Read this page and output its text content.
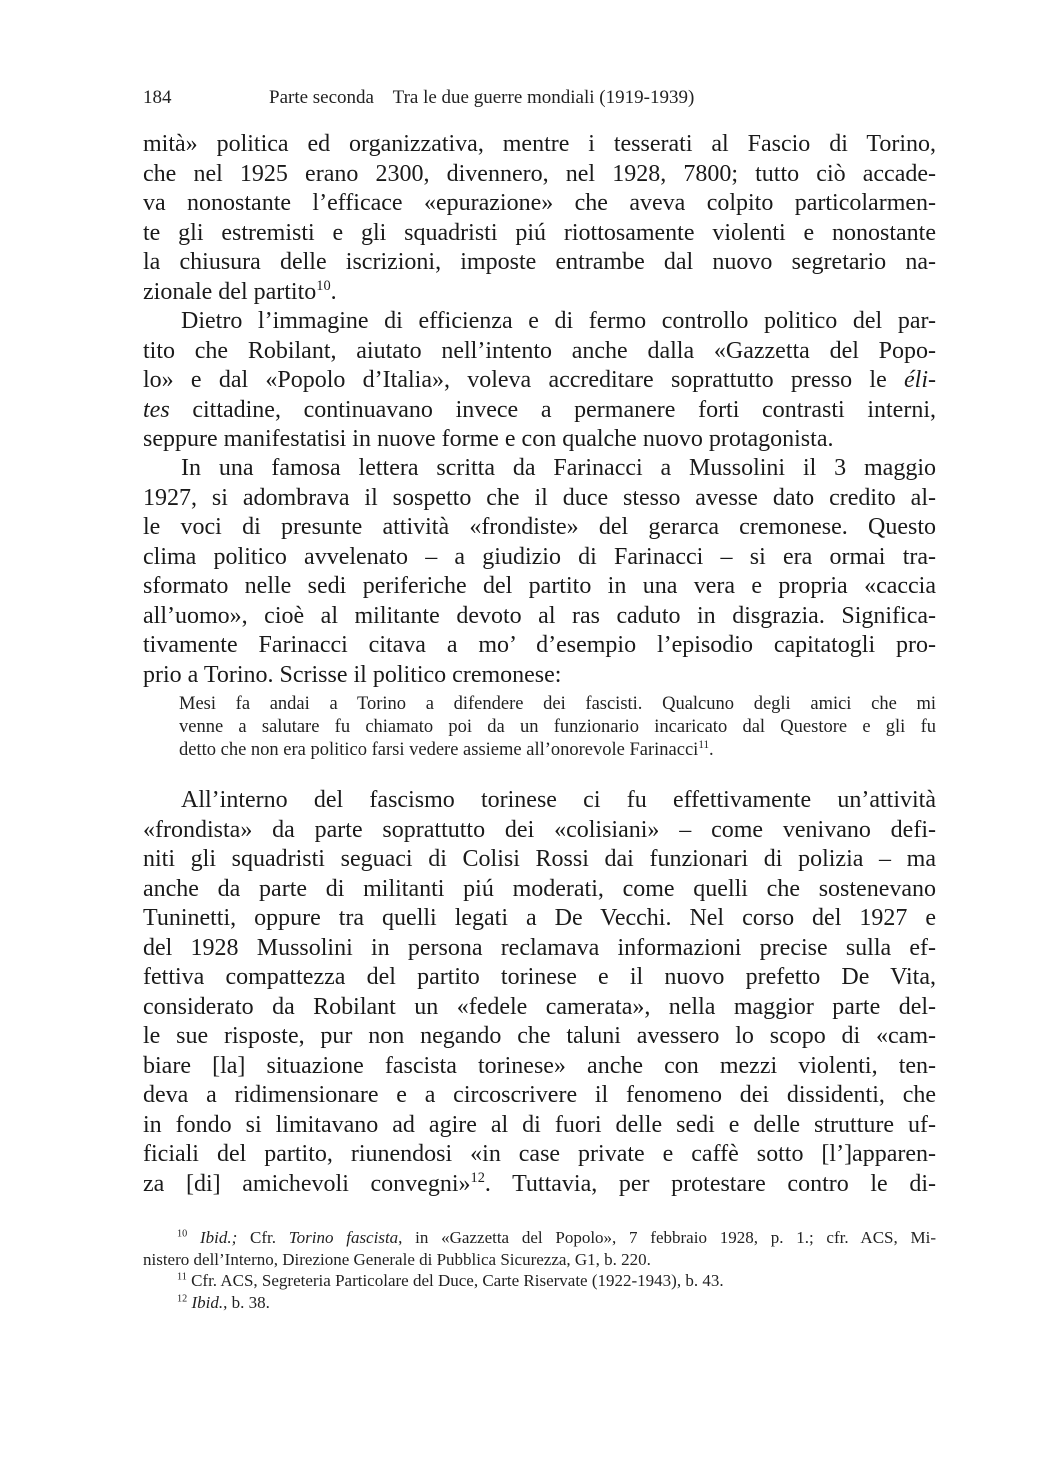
184	Parte seconda    Tra le due guerre mondiali (1919-1939)
mità» politica ed organizzativa, mentre i tesserati al Fascio di Torino,
che nel 1925 erano 2300, divennero, nel 1928, 7800; tutto ciò accade-
va nonostante l’efficace «epurazione» che aveva colpito particolarmen-
te gli estremisti e gli squadristi piú riottosamente violenti e nonostante
la chiusura delle iscrizioni, imposte entrambe dal nuovo segretario na-
zionale del partito$^{10}$.
Dietro l’immagine di efficienza e di fermo controllo politico del par-
tito che Robilant, aiutato nell’intento anche dalla «Gazzetta del Popo-
lo» e dal «Popolo d’Italia», voleva accreditare soprattutto presso le éli-
tes cittadine, continuavano invece a permanere forti contrasti interni,
seppure manifestatisi in nuove forme e con qualche nuovo protagonista.
In una famosa lettera scritta da Farinacci a Mussolini il 3 maggio
1927, si adombrava il sospetto che il duce stesso avesse dato credito al-
le voci di presunte attività «frondiste» del gerarca cremonese. Questo
clima politico avvelenato – a giudizio di Farinacci – si era ormai tra-
sformato nelle sedi periferiche del partito in una vera e propria «caccia
all’uomo», cioè al militante devoto al ras caduto in disgrazia. Significa-
tivamente Farinacci citava a mo’ d’esempio l’episodio capitatogli pro-
prio a Torino. Scrisse il politico cremonese:
Mesi fa andai a Torino a difendere dei fascisti. Qualcuno degli amici che mi
venne a salutare fu chiamato poi da un funzionario incaricato dal Questore e gli fu
detto che non era politico farsi vedere assieme all’onorevole Farinacci$^{11}$.
All’interno del fascismo torinese ci fu effettivamente un’attività
«frondista» da parte soprattutto dei «colisiani» – come venivano defi-
niti gli squadristi seguaci di Colisi Rossi dai funzionari di polizia – ma
anche da parte di militanti piú moderati, come quelli che sostenevano
Tuninetti, oppure tra quelli legati a De Vecchi. Nel corso del 1927 e
del 1928 Mussolini in persona reclamava informazioni precise sulla ef-
fettiva compattezza del partito torinese e il nuovo prefetto De Vita,
considerato da Robilant un «fedele camerata», nella maggior parte del-
le sue risposte, pur non negando che taluni avessero lo scopo di «cam-
biare [la] situazione fascista torinese» anche con mezzi violenti, ten-
deva a ridimensionare e a circoscrivere il fenomeno dei dissidenti, che
in fondo si limitavano ad agire al di fuori delle sedi e delle strutture uf-
ficiali del partito, riunendosi «in case private e caffè sotto [l’]apparen-
za [di] amichevoli convegni»$^{12}$. Tuttavia, per protestare contro le di-
$^{10}$ Ibid.; Cfr. Torino fascista, in «Gazzetta del Popolo», 7 febbraio 1928, p. 1.; cfr. ACS, Mi-
nistero dell’Interno, Direzione Generale di Pubblica Sicurezza, G1, b. 220.
$^{11}$ Cfr. ACS, Segreteria Particolare del Duce, Carte Riservate (1922-1943), b. 43.
$^{12}$ Ibid., b. 38.
